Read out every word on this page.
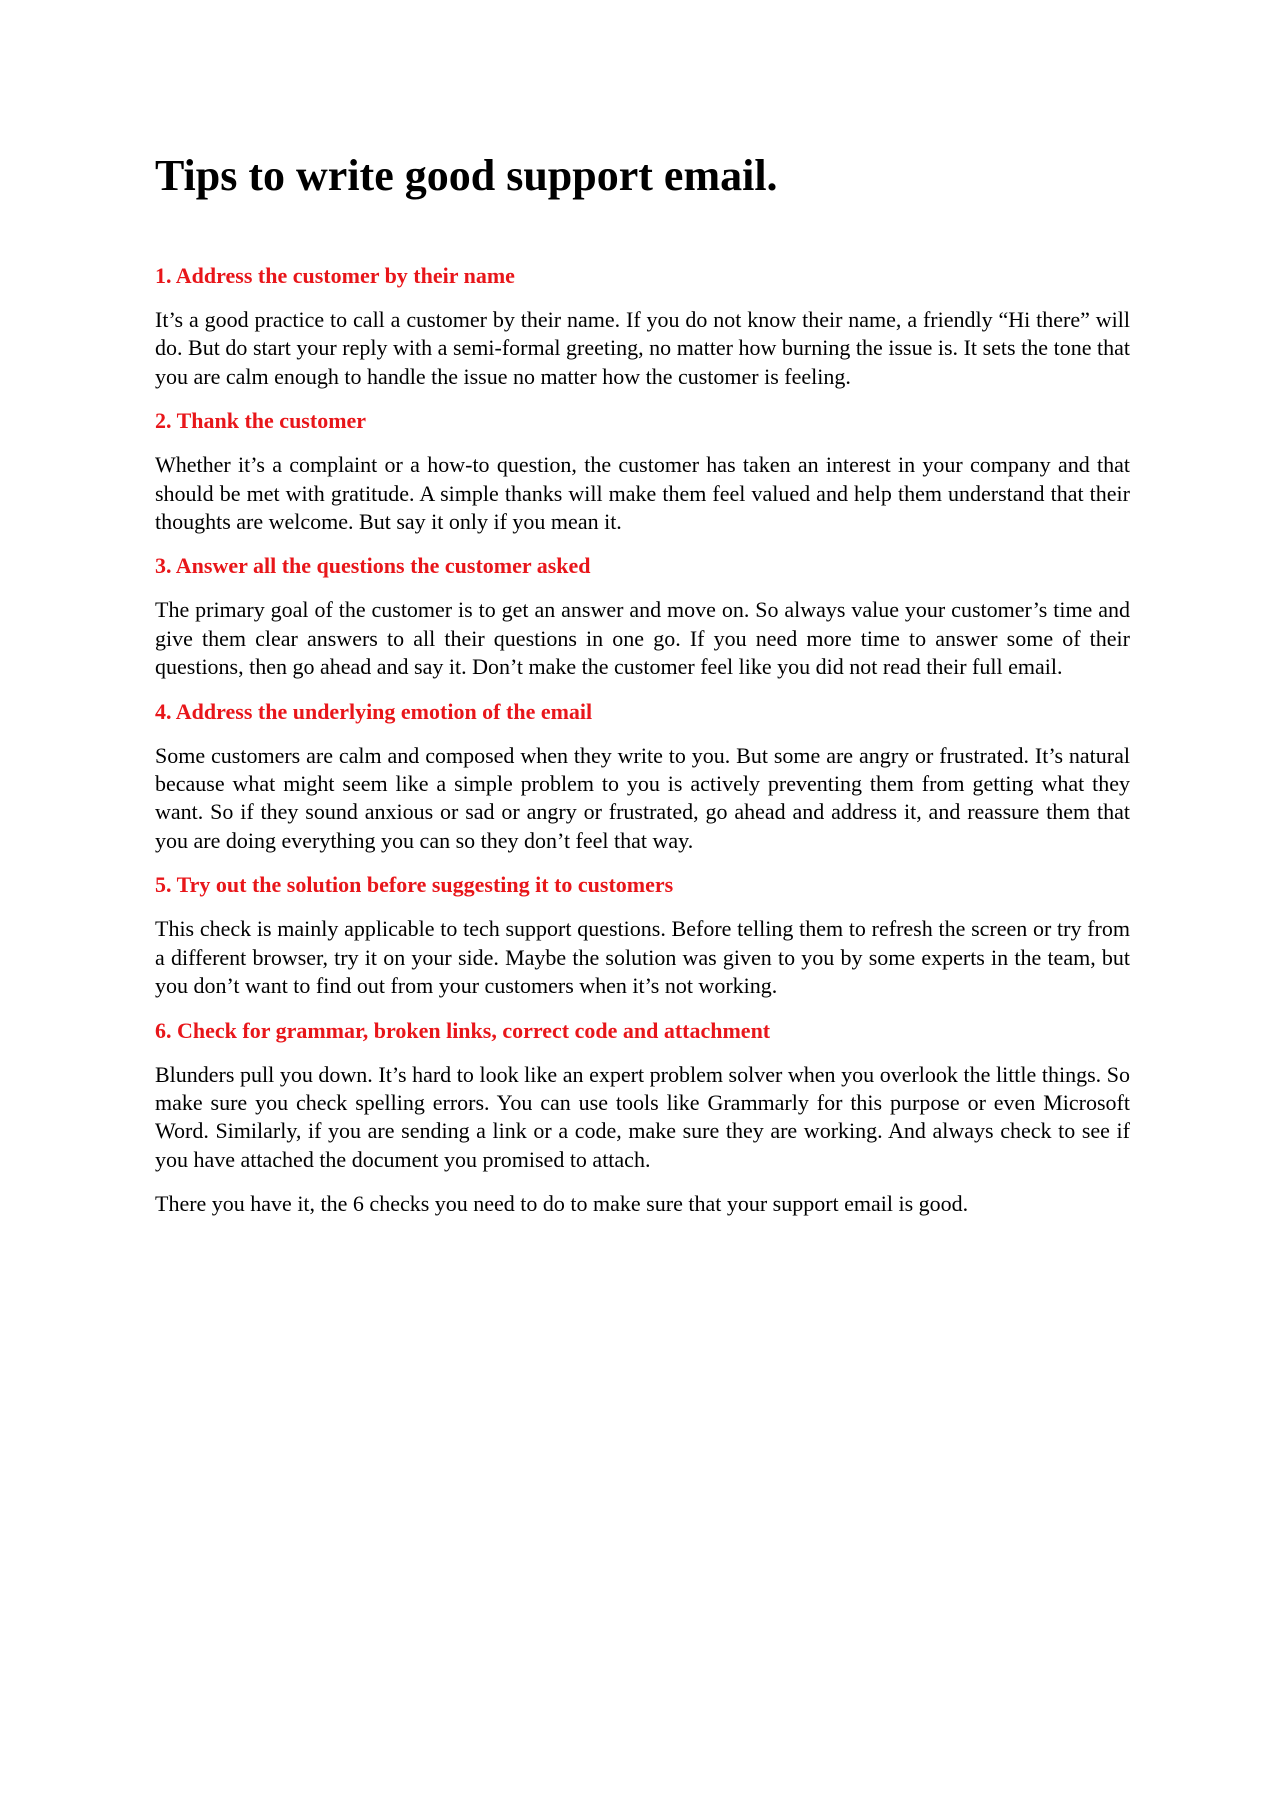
Tips to write good support email.
1. Address the customer by their name

It’s a good practice to call a customer by their name. If you do not know their name, a friendly “Hi there” will do. But do start your reply with a semi-formal greeting, no matter how burning the issue is. It sets the tone that you are calm enough to handle the issue no matter how the customer is feeling.

2. Thank the customer

Whether it’s a complaint or a how-to question, the customer has taken an interest in your company and that should be met with gratitude. A simple thanks will make them feel valued and help them understand that their thoughts are welcome. But say it only if you mean it.

3. Answer all the questions the customer asked

The primary goal of the customer is to get an answer and move on. So always value your customer’s time and give them clear answers to all their questions in one go. If you need more time to answer some of their questions, then go ahead and say it. Don’t make the customer feel like you did not read their full email.

4. Address the underlying emotion of the email

Some customers are calm and composed when they write to you. But some are angry or frustrated. It’s natural because what might seem like a simple problem to you is actively preventing them from getting what they want. So if they sound anxious or sad or angry or frustrated, go ahead and address it, and reassure them that you are doing everything you can so they don’t feel that way.

5. Try out the solution before suggesting it to customers

This check is mainly applicable to tech support questions. Before telling them to refresh the screen or try from a different browser, try it on your side. Maybe the solution was given to you by some experts in the team, but you don’t want to find out from your customers when it’s not working.

6. Check for grammar, broken links, correct code and attachment

Blunders pull you down. It’s hard to look like an expert problem solver when you overlook the little things. So make sure you check spelling errors. You can use tools like Grammarly for this purpose or even Microsoft Word. Similarly, if you are sending a link or a code, make sure they are working. And always check to see if you have attached the document you promised to attach.

There you have it, the 6 checks you need to do to make sure that your support email is good.
